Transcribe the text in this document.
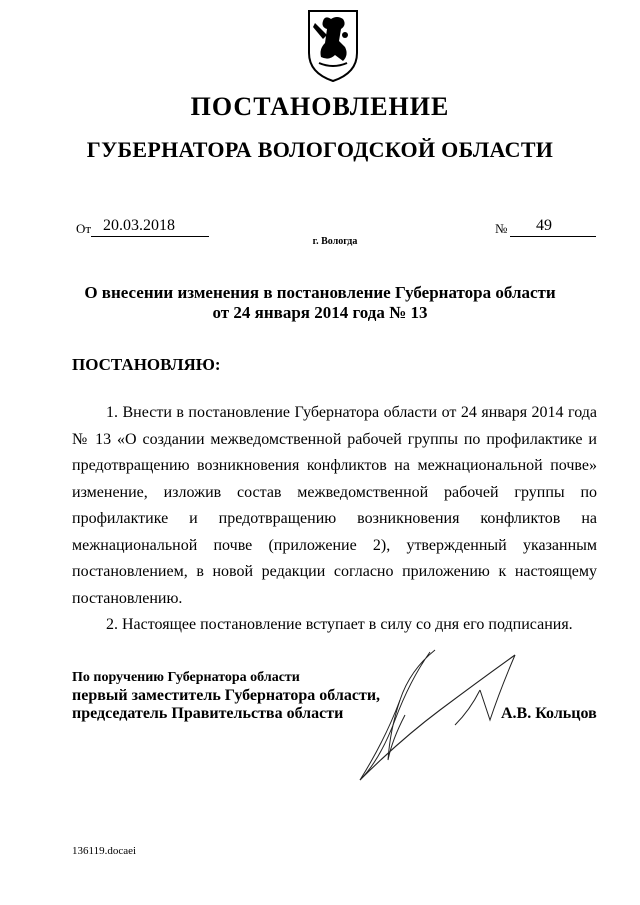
ПОСТАНОВЛЕНИЕ
ГУБЕРНАТОРА ВОЛОГОДСКОЙ ОБЛАСТИ
От 20.03.2018	№	49
г. Вологда
О внесении изменения в постановление Губернатора области
от 24 января 2014 года № 13
ПОСТАНОВЛЯЮ:

1. Внести в постановление Губернатора области от 24 января 2014 года № 13 «О создании межведомственной рабочей группы по профилактике и предотвращению возникновения конфликтов на межнациональной почве» изменение, изложив состав межведомственной рабочей группы по профилактике и предотвращению возникновения конфликтов на межнациональной почве (приложение 2), утвержденный указанным постановлением, в новой редакции согласно приложению к настоящему постановлению.

2. Настоящее постановление вступает в силу со дня его подписания.

По поручению Губернатора области
первый заместитель Губернатора области,
председатель Правительства области	А.В. Кольцов
136119.docaei
